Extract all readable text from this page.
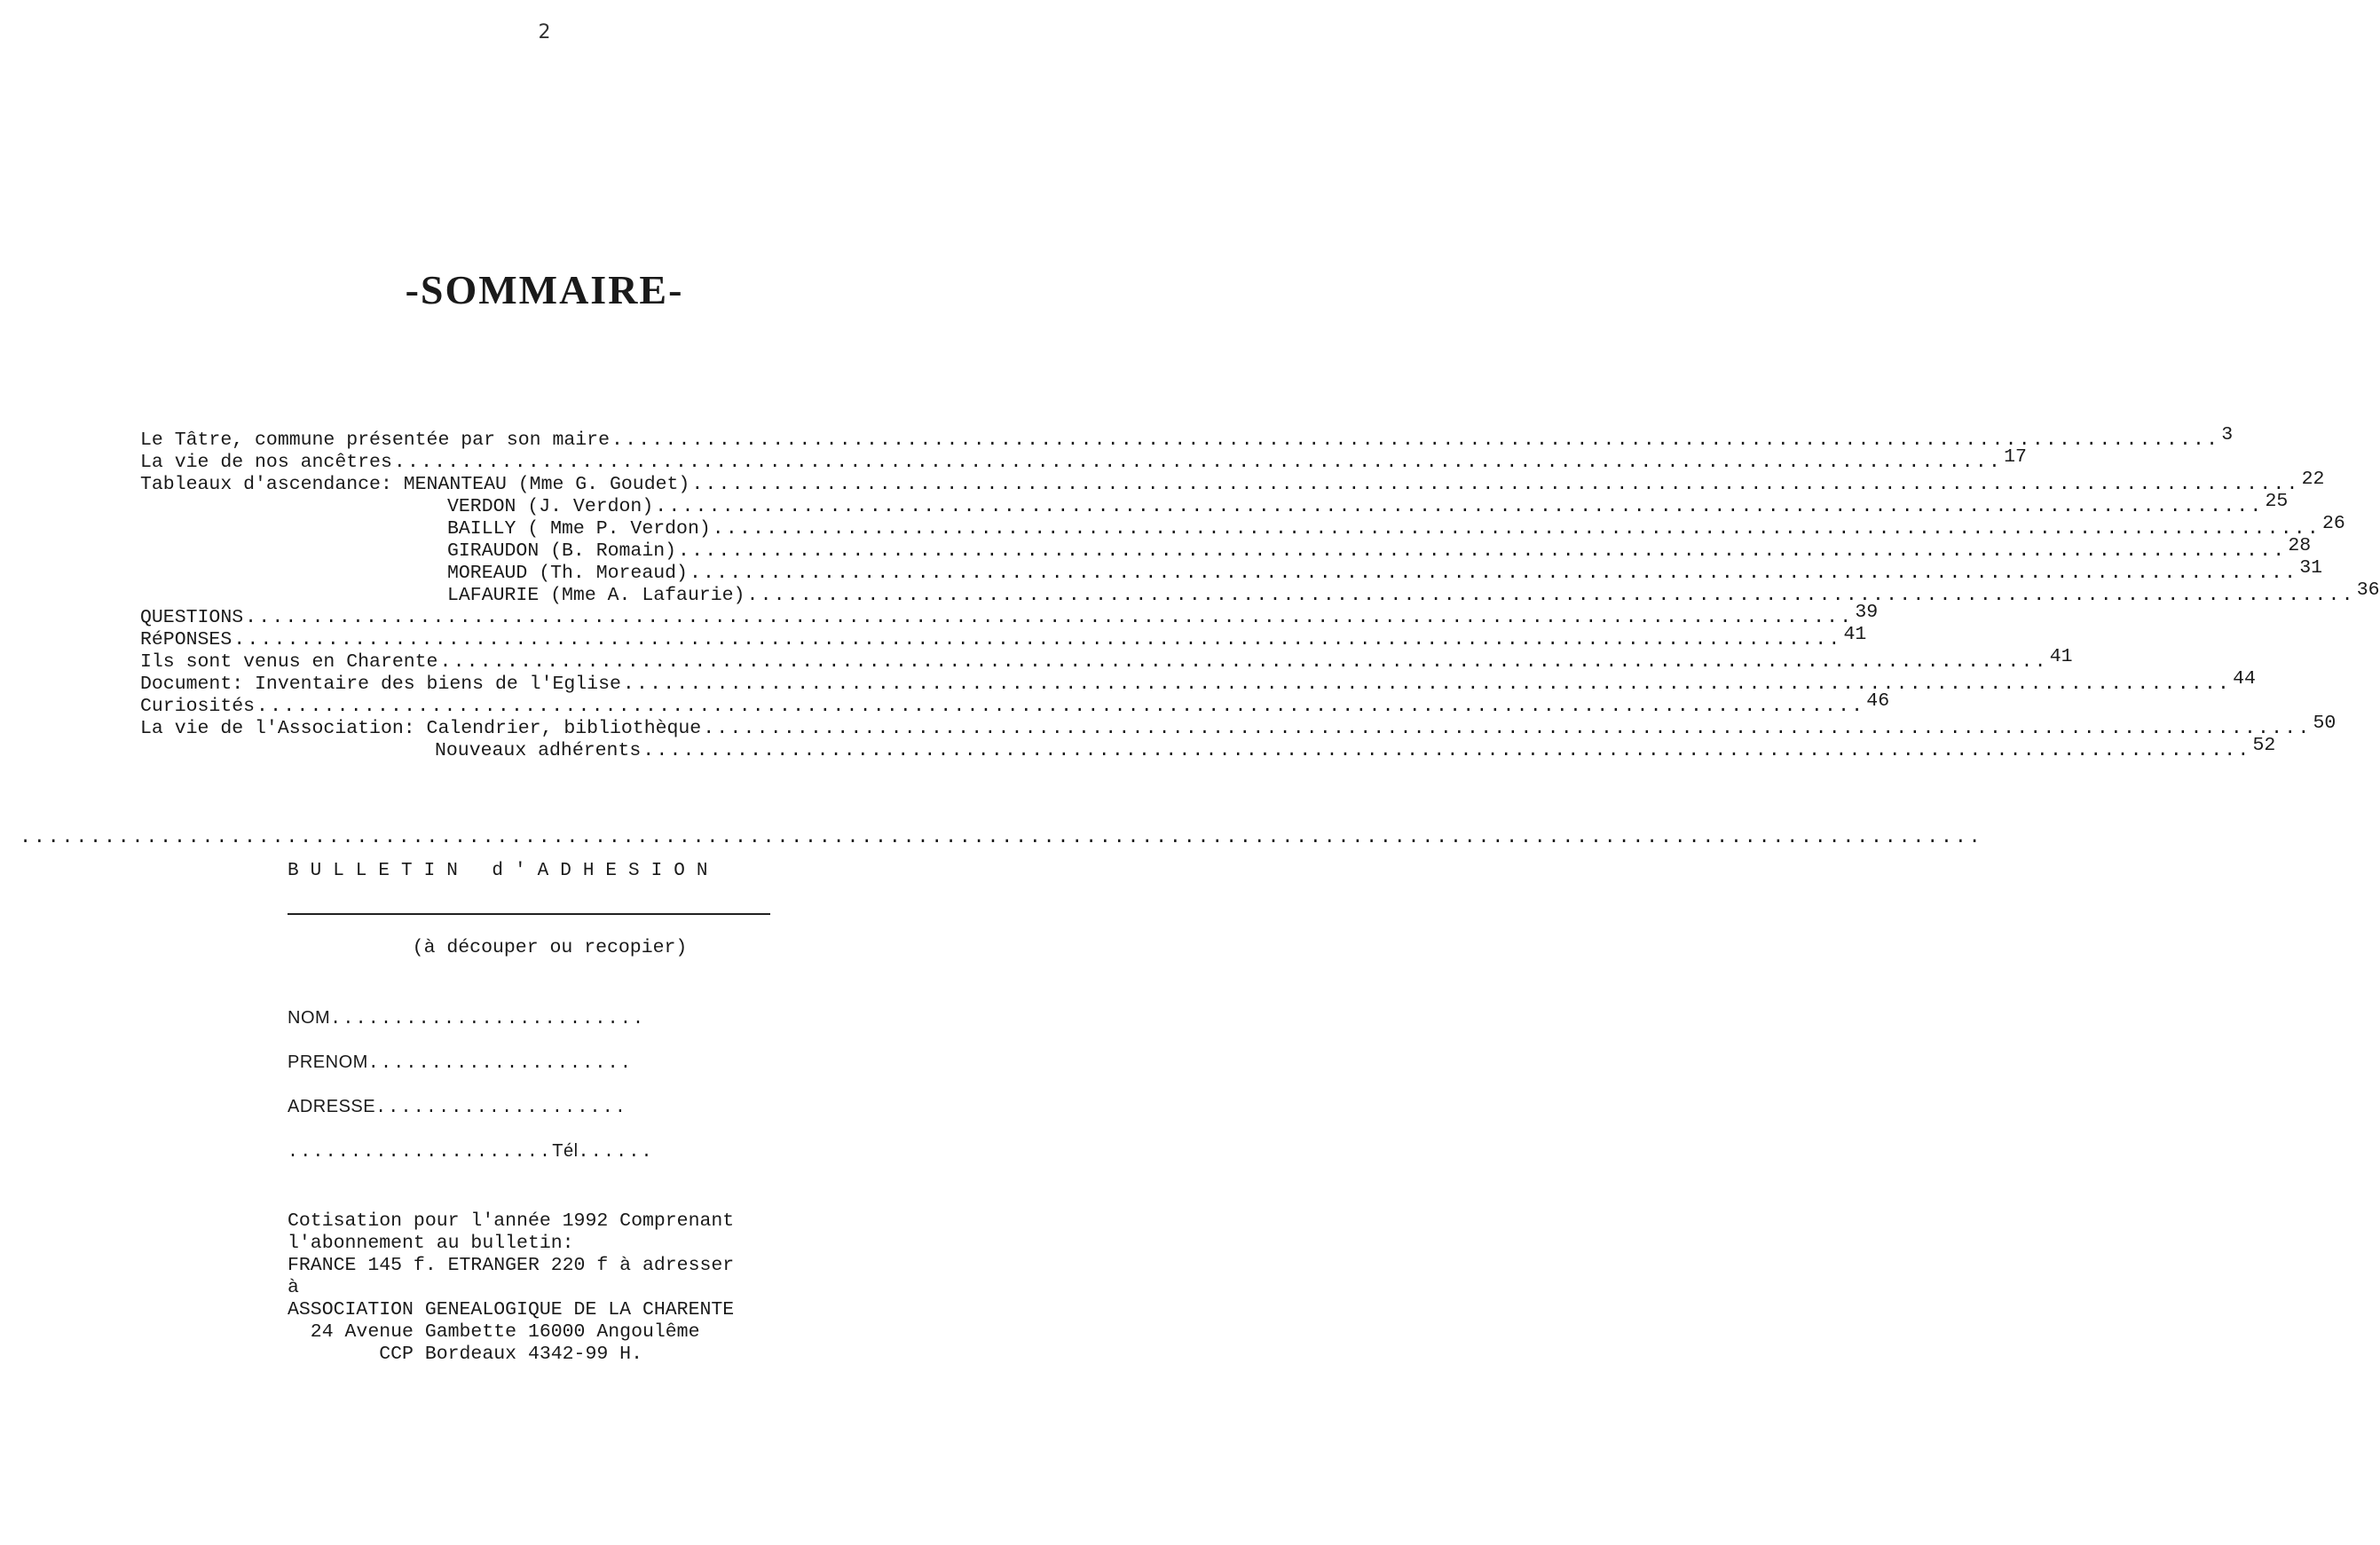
2
-SOMMAIRE-
Le Tâtre, commune présentée par son maire ........................................................................................................................ 3
La vie de nos ancêtres ........................................................................................................................ 17
Tableaux d'ascendance: MENANTEAU (Mme G. Goudet) ........................................................................................................................ 22
VERDON (J. Verdon) ........................................................................................................................ 25
BAILLY ( Mme P. Verdon) ........................................................................................................................ 26
GIRAUDON (B. Romain) ........................................................................................................................ 28
MOREAUD (Th. Moreaud) ........................................................................................................................ 31
LAFAURIE (Mme A. Lafaurie) ........................................................................................................................ 36
QUESTIONS ........................................................................................................................ 39
RéPONSES ........................................................................................................................ 41
Ils sont venus en Charente ........................................................................................................................ 41
Document: Inventaire des biens de l'Eglise ........................................................................................................................ 44
Curiosités ........................................................................................................................ 46
La vie de l'Association: Calendrier, bibliothèque ........................................................................................................................ 50
Nouveaux adhérents ........................................................................................................................ 52
............................................................................................................................................
BULLETIN d'ADHESION
(à découper ou recopier)
NOM.........................
PRENOM.....................
ADRESSE....................
.....................Tél......
Cotisation pour l'année 1992 Comprenant
l'abonnement au bulletin:
FRANCE 145 f. ETRANGER 220 f à adresser
à
ASSOCIATION GENEALOGIQUE DE LA CHARENTE
24 Avenue Gambette 16000 Angoulême
CCP Bordeaux 4342-99 H.
